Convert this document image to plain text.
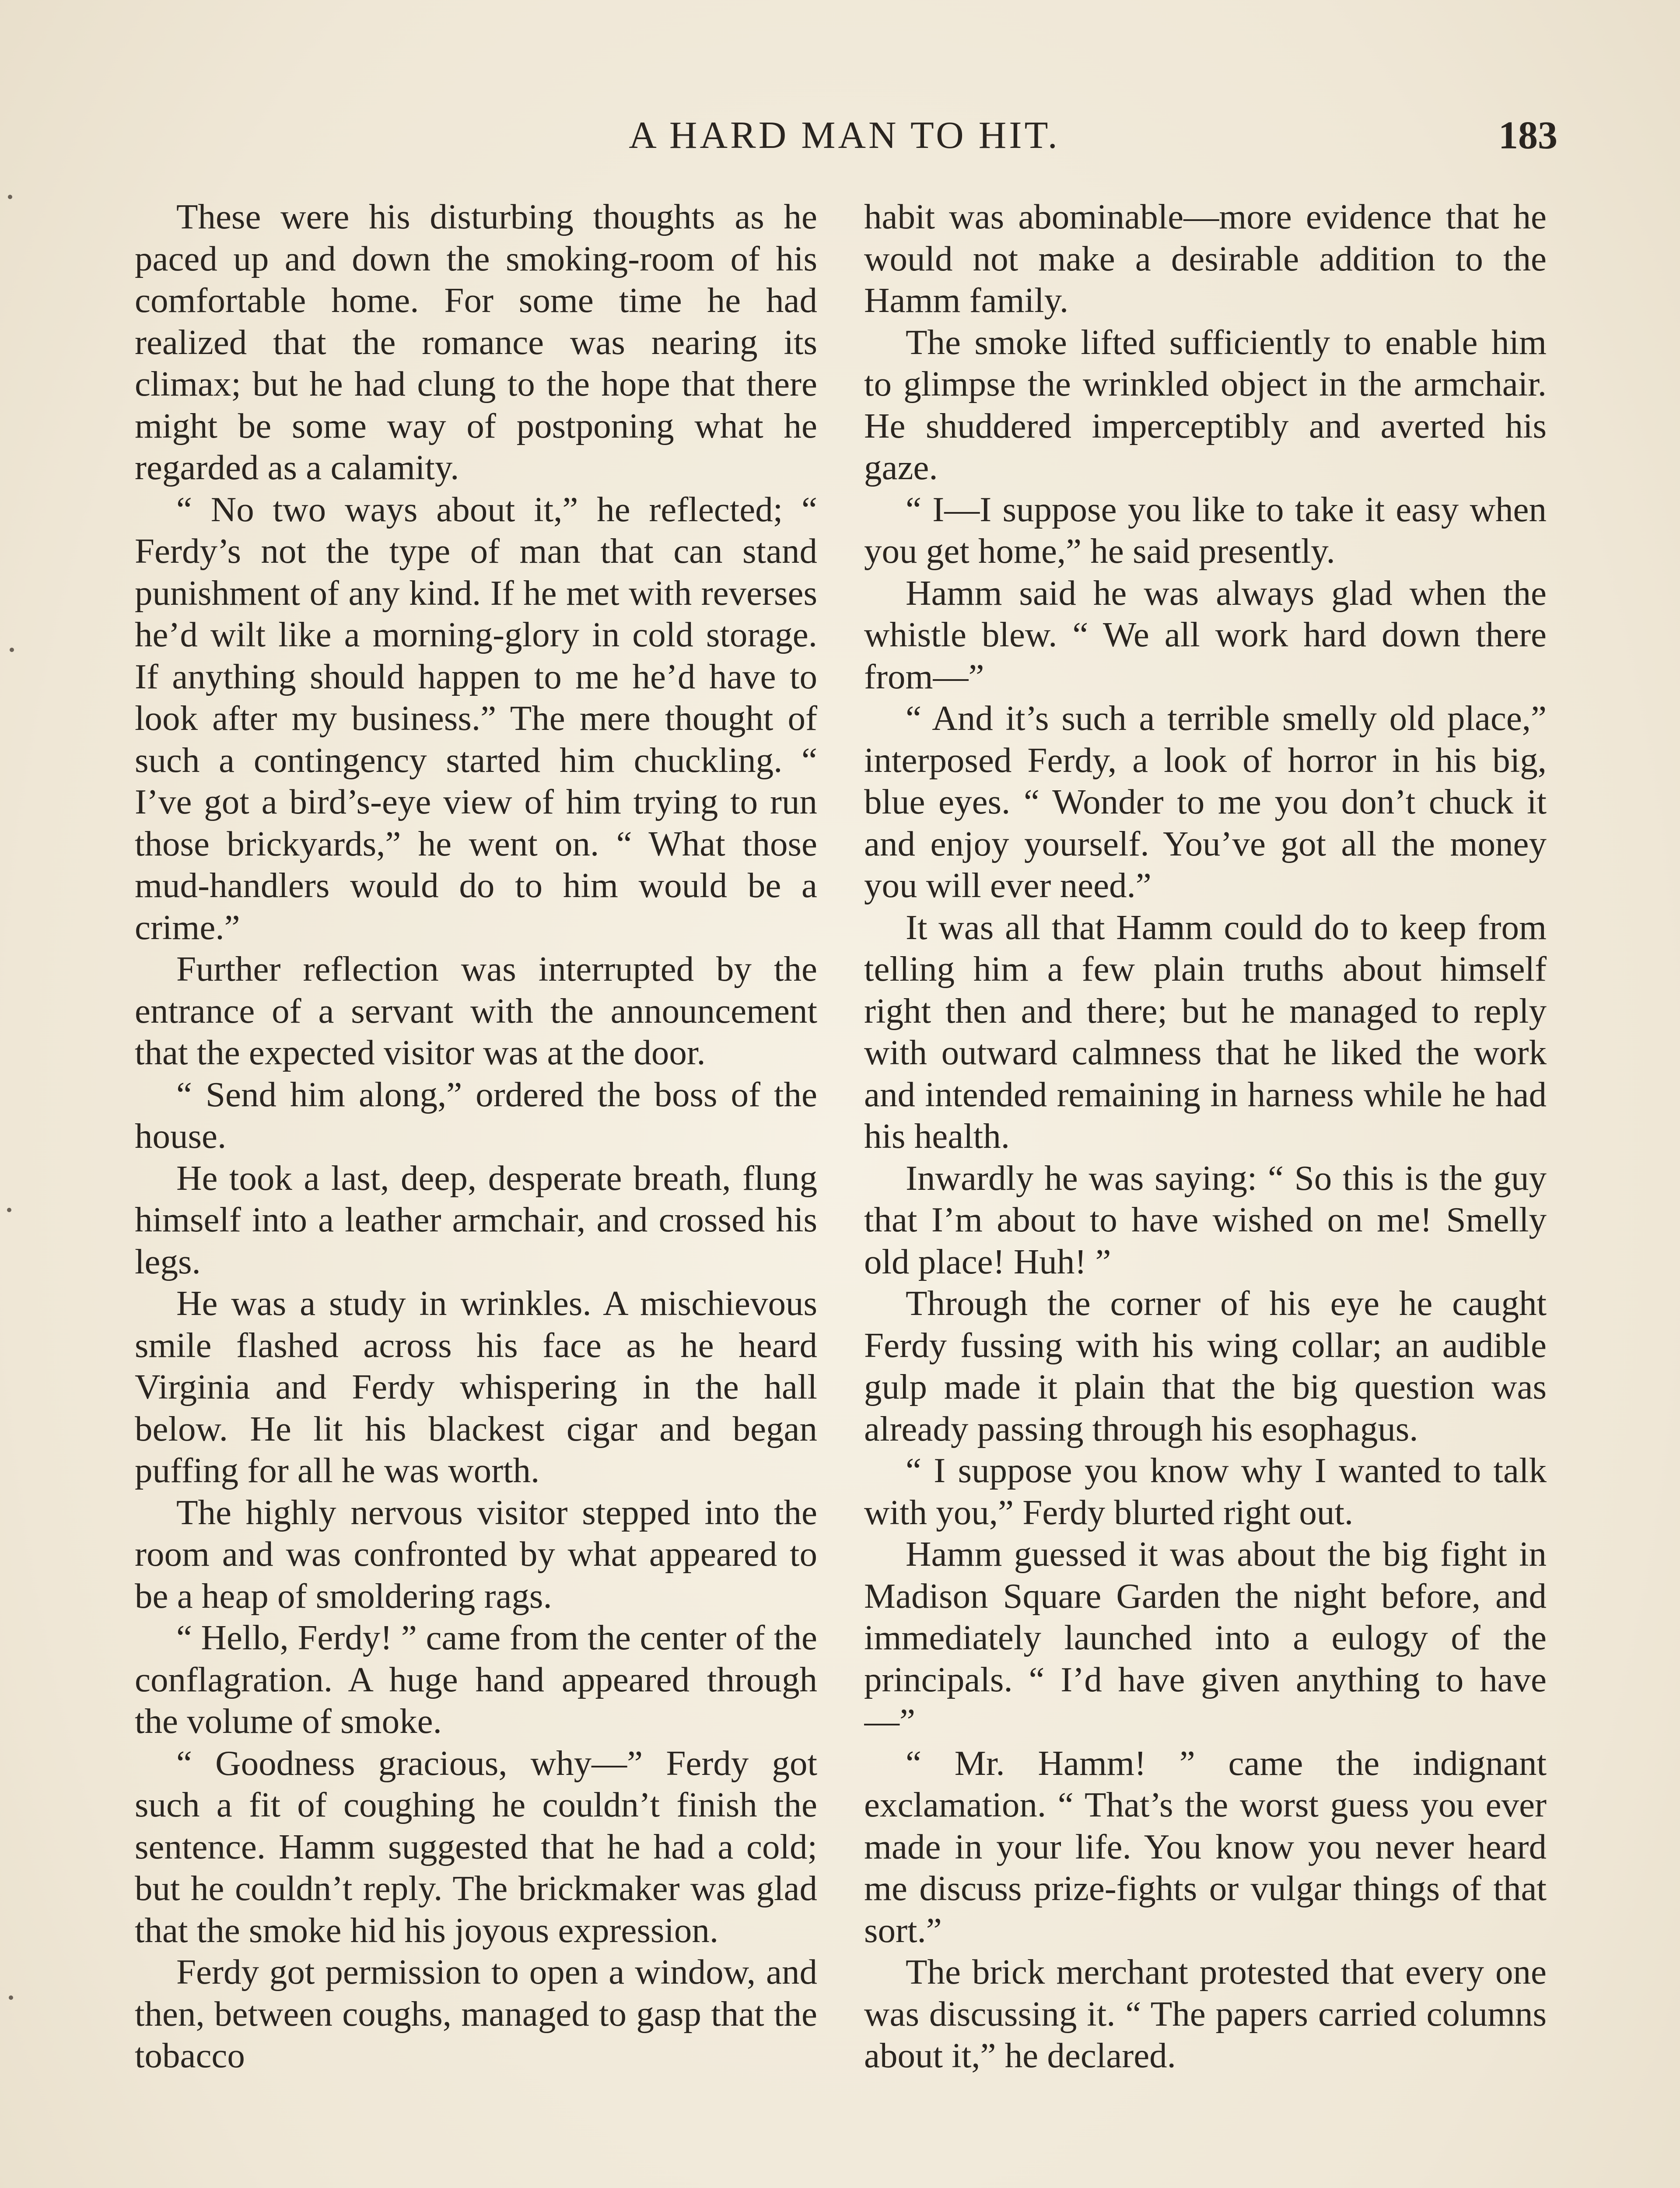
A HARD MAN TO HIT.	183

These were his disturbing thoughts as he paced up and down the smoking-room of his comfortable home. For some time he had realized that the romance was nearing its climax; but he had clung to the hope that there might be some way of postponing what he regarded as a calamity.

“ No two ways about it,” he reflected; “ Ferdy’s not the type of man that can stand punishment of any kind. If he met with reverses he’d wilt like a morning-glory in cold storage. If anything should happen to me he’d have to look after my business.” The mere thought of such a contingency started him chuckling. “ I’ve got a bird’s-eye view of him trying to run those brickyards,” he went on. “ What those mud-handlers would do to him would be a crime.”

Further reflection was interrupted by the entrance of a servant with the announcement that the expected visitor was at the door.

“ Send him along,” ordered the boss of the house.

He took a last, deep, desperate breath, flung himself into a leather armchair, and crossed his legs.

He was a study in wrinkles. A mischievous smile flashed across his face as he heard Virginia and Ferdy whispering in the hall below. He lit his blackest cigar and began puffing for all he was worth.

The highly nervous visitor stepped into the room and was confronted by what appeared to be a heap of smoldering rags.

“ Hello, Ferdy! ” came from the center of the conflagration. A huge hand appeared through the volume of smoke.

“ Goodness gracious, why—” Ferdy got such a fit of coughing he couldn’t finish the sentence. Hamm suggested that he had a cold; but he couldn’t reply. The brickmaker was glad that the smoke hid his joyous expression.

Ferdy got permission to open a window, and then, between coughs, managed to gasp that the tobacco

habit was abominable—more evidence that he would not make a desirable addition to the Hamm family.

The smoke lifted sufficiently to enable him to glimpse the wrinkled object in the armchair. He shuddered imperceptibly and averted his gaze.

“ I—I suppose you like to take it easy when you get home,” he said presently.

Hamm said he was always glad when the whistle blew. “ We all work hard down there from—”

“ And it’s such a terrible smelly old place,” interposed Ferdy, a look of horror in his big, blue eyes. “ Wonder to me you don’t chuck it and enjoy yourself. You’ve got all the money you will ever need.”

It was all that Hamm could do to keep from telling him a few plain truths about himself right then and there; but he managed to reply with outward calmness that he liked the work and intended remaining in harness while he had his health.

Inwardly he was saying: “ So this is the guy that I’m about to have wished on me! Smelly old place! Huh! ”

Through the corner of his eye he caught Ferdy fussing with his wing collar; an audible gulp made it plain that the big question was already passing through his esophagus.

“ I suppose you know why I wanted to talk with you,” Ferdy blurted right out.

Hamm guessed it was about the big fight in Madison Square Garden the night before, and immediately launched into a eulogy of the principals. “ I’d have given anything to have—”

“ Mr. Hamm! ” came the indignant exclamation. “ That’s the worst guess you ever made in your life. You know you never heard me discuss prize-fights or vulgar things of that sort.”

The brick merchant protested that every one was discussing it. “ The papers carried columns about it,” he declared.
